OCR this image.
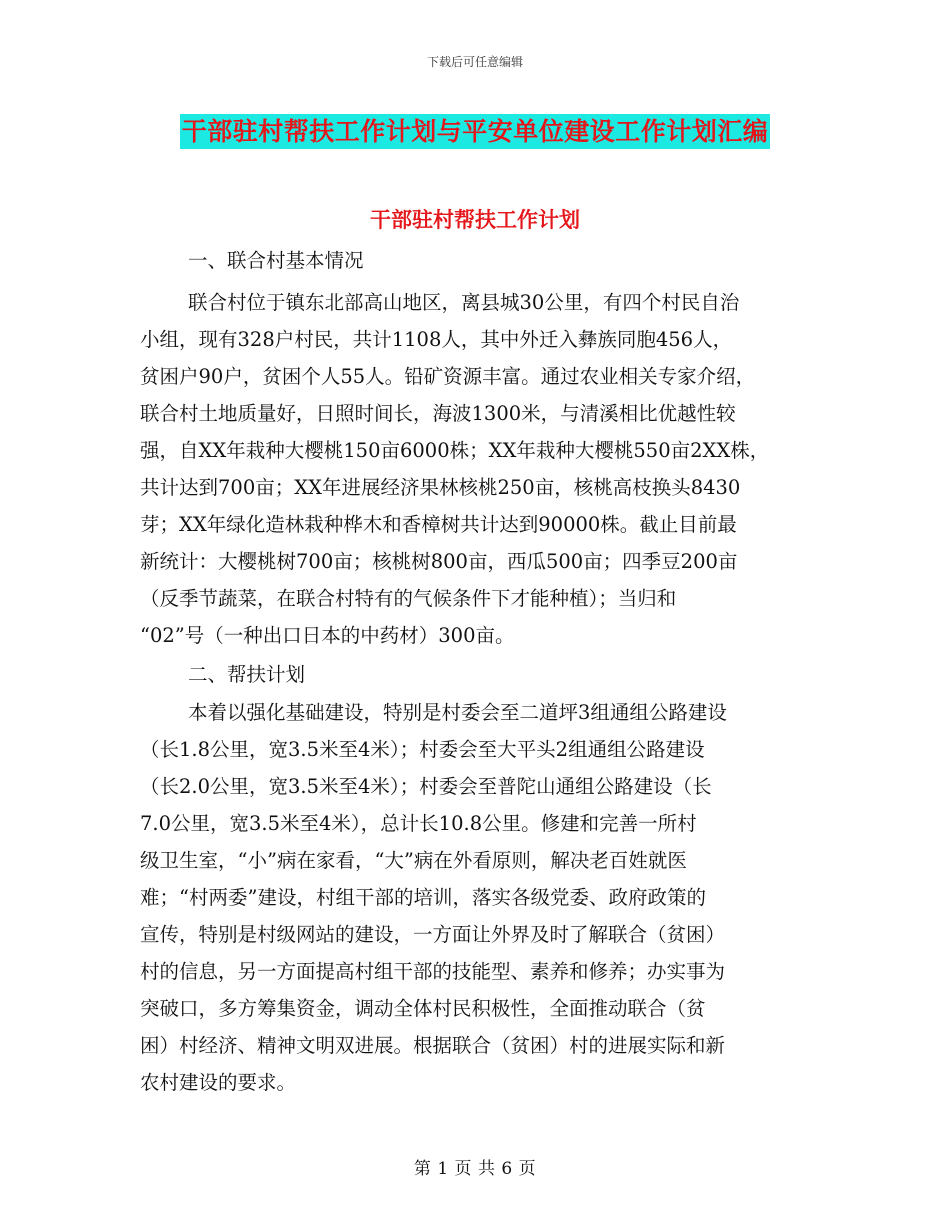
下载后可任意编辑
干部驻村帮扶工作计划与平安单位建设工作计划汇编
干部驻村帮扶工作计划
一、联合村基本情况
联合村位于镇东北部高山地区，离县城30公里，有四个村民自治
小组，现有328户村民，共计1108人，其中外迁入彝族同胞456人，
贫困户90户，贫困个人55人。铅矿资源丰富。通过农业相关专家介绍，
联合村土地质量好，日照时间长，海波1300米，与清溪相比优越性较
强，自XX年栽种大樱桃150亩6000株；XX年栽种大樱桃550亩2XX株，
共计达到700亩；XX年进展经济果林核桃250亩，核桃高枝换头8430
芽；XX年绿化造林栽种桦木和香樟树共计达到90000株。截止目前最
新统计：大樱桃树700亩；核桃树800亩，西瓜500亩；四季豆200亩
（反季节蔬菜，在联合村特有的气候条件下才能种植）；当归和
“02”号（一种出口日本的中药材）300亩。
二、帮扶计划
本着以强化基础建设，特别是村委会至二道坪3组通组公路建设
（长1.8公里，宽3.5米至4米）；村委会至大平头2组通组公路建设
（长2.0公里，宽3.5米至4米）；村委会至普陀山通组公路建设（长
7.0公里，宽3.5米至4米），总计长10.8公里。修建和完善一所村
级卫生室，“小”病在家看，“大”病在外看原则，解决老百姓就医
难；“村两委”建设，村组干部的培训，落实各级党委、政府政策的
宣传，特别是村级网站的建设，一方面让外界及时了解联合（贫困）
村的信息，另一方面提高村组干部的技能型、素养和修养；办实事为
突破口，多方筹集资金，调动全体村民积极性，全面推动联合（贫
困）村经济、精神文明双进展。根据联合（贫困）村的进展实际和新
农村建设的要求。
第 1 页 共 6 页
